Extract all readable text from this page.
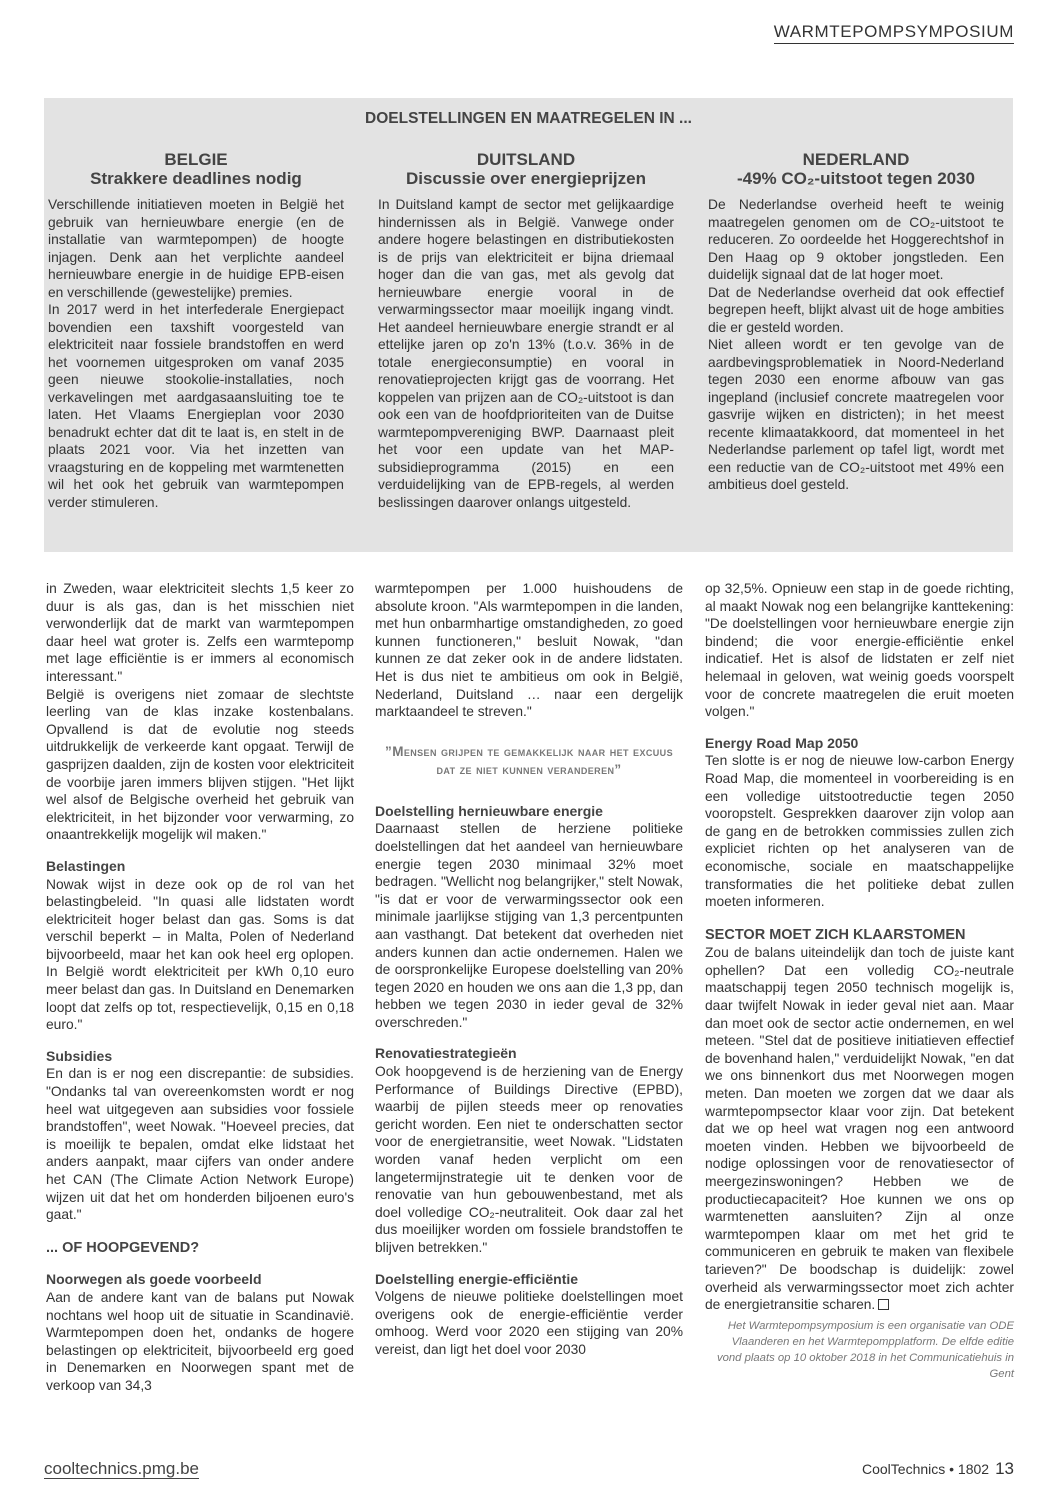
WARMTEPOMPSYMPOSIUM
DOELSTELLINGEN EN MAATREGELEN IN ...
BELGIE
Strakkere deadlines nodig

Verschillende initiatieven moeten in België het gebruik van hernieuwbare energie (en de installatie van warmtepompen) de hoogte injagen. Denk aan het verplichte aandeel hernieuwbare energie in de huidige EPB-eisen en verschillende (gewestelijke) premies.

In 2017 werd in het interfederale Energiepact bovendien een taxshift voorgesteld van elektriciteit naar fossiele brandstoffen en werd het voornemen uitgesproken om vanaf 2035 geen nieuwe stookolie-installaties, noch verkavelingen met aardgasaansluiting toe te laten. Het Vlaams Energieplan voor 2030 benadrukt echter dat dit te laat is, en stelt in de plaats 2021 voor. Via het inzetten van vraagsturing en de koppeling met warmtenetten wil het ook het gebruik van warmtepompen verder stimuleren.

DUITSLAND
Discussie over energieprijzen

In Duitsland kampt de sector met gelijkaardige hindernissen als in België. Vanwege onder andere hogere belastingen en distributiekosten is de prijs van elektriciteit er bijna driemaal hoger dan die van gas, met als gevolg dat hernieuwbare energie vooral in de verwarmingssector maar moeilijk ingang vindt. Het aandeel hernieuwbare energie strandt er al ettelijke jaren op zo'n 13% (t.o.v. 36% in de totale energieconsumptie) en vooral in renovatieprojecten krijgt gas de voorrang. Het koppelen van prijzen aan de CO₂-uitstoot is dan ook een van de hoofdprioriteiten van de Duitse warmtepompvereniging BWP. Daarnaast pleit het voor een update van het MAP-subsidieprogramma (2015) en een verduidelijking van de EPB-regels, al werden beslissingen daarover onlangs uitgesteld.

NEDERLAND
-49% CO₂-uitstoot tegen 2030

De Nederlandse overheid heeft te weinig maatregelen genomen om de CO₂-uitstoot te reduceren. Zo oordeelde het Hoggerechtshof in Den Haag op 9 oktober jongstleden. Een duidelijk signaal dat de lat hoger moet.

Dat de Nederlandse overheid dat ook effectief begrepen heeft, blijkt alvast uit de hoge ambities die er gesteld worden.

Niet alleen wordt er ten gevolge van de aardbevingsproblematiek in Noord-Nederland tegen 2030 een enorme afbouw van gas ingepland (inclusief concrete maatregelen voor gasvrije wijken en districten); in het meest recente klimaatakkoord, dat momenteel in het Nederlandse parlement op tafel ligt, wordt met een reductie van de CO₂-uitstoot met 49% een ambitieus doel gesteld.

in Zweden, waar elektriciteit slechts 1,5 keer zo duur is als gas, dan is het misschien niet verwonderlijk dat de markt van warmtepompen daar heel wat groter is. Zelfs een warmtepomp met lage efficiëntie is er immers al economisch interessant."

België is overigens niet zomaar de slechtste leerling van de klas inzake kostenbalans. Opvallend is dat de evolutie nog steeds uitdrukkelijk de verkeerde kant opgaat. Terwijl de gasprijzen daalden, zijn de kosten voor elektriciteit de voorbije jaren immers blijven stijgen. "Het lijkt wel alsof de Belgische overheid het gebruik van elektriciteit, in het bijzonder voor verwarming, zo onaantrekkelijk mogelijk wil maken."

Belastingen

Nowak wijst in deze ook op de rol van het belastingbeleid. "In quasi alle lidstaten wordt elektriciteit hoger belast dan gas. Soms is dat verschil beperkt – in Malta, Polen of Nederland bijvoorbeeld, maar het kan ook heel erg oplopen. In België wordt elektriciteit per kWh 0,10 euro meer belast dan gas. In Duitsland en Denemarken loopt dat zelfs op tot, respectievelijk, 0,15 en 0,18 euro."

Subsidies

En dan is er nog een discrepantie: de subsidies. "Ondanks tal van overeenkomsten wordt er nog heel wat uitgegeven aan subsidies voor fossiele brandstoffen", weet Nowak. "Hoeveel precies, dat is moeilijk te bepalen, omdat elke lidstaat het anders aanpakt, maar cijfers van onder andere het CAN (The Climate Action Network Europe) wijzen uit dat het om honderden biljoenen euro's gaat."

... OF HOOPGEVEND?
Noorwegen als goede voorbeeld

Aan de andere kant van de balans put Nowak nochtans wel hoop uit de situatie in Scandinavië. Warmtepompen doen het, ondanks de hogere belastingen op elektriciteit, bijvoorbeeld erg goed in Denemarken en Noorwegen spant met de verkoop van 34,3

warmtepompen per 1.000 huishoudens de absolute kroon. "Als warmtepompen in die landen, met hun onbarmhartige omstandigheden, zo goed kunnen functioneren," besluit Nowak, "dan kunnen ze dat zeker ook in de andere lidstaten. Het is dus niet te ambitieus om ook in België, Nederland, Duitsland … naar een dergelijk marktaandeel te streven."

”Mensen grijpen te gemakkelijk naar het excuus dat ze niet kunnen veranderen”
Doelstelling hernieuwbare energie

Daarnaast stellen de herziene politieke doelstellingen dat het aandeel van hernieuwbare energie tegen 2030 minimaal 32% moet bedragen. "Wellicht nog belangrijker," stelt Nowak, "is dat er voor de verwarmingssector ook een minimale jaarlijkse stijging van 1,3 percentpunten aan vasthangt. Dat betekent dat overheden niet anders kunnen dan actie ondernemen. Halen we de oorspronkelijke Europese doelstelling van 20% tegen 2020 en houden we ons aan die 1,3 pp, dan hebben we tegen 2030 in ieder geval de 32% overschreden."

Renovatiestrategieën

Ook hoopgevend is de herziening van de Energy Performance of Buildings Directive (EPBD), waarbij de pijlen steeds meer op renovaties gericht worden. Een niet te onderschatten sector voor de energietransitie, weet Nowak. "Lidstaten worden vanaf heden verplicht om een langetermijnstrategie uit te denken voor de renovatie van hun gebouwenbestand, met als doel volledige CO₂-neutraliteit. Ook daar zal het dus moeilijker worden om fossiele brandstoffen te blijven betrekken."

Doelstelling energie-efficiëntie

Volgens de nieuwe politieke doelstellingen moet overigens ook de energie-efficiëntie verder omhoog. Werd voor 2020 een stijging van 20% vereist, dan ligt het doel voor 2030

op 32,5%. Opnieuw een stap in de goede richting, al maakt Nowak nog een belangrijke kanttekening: "De doelstellingen voor hernieuwbare energie zijn bindend; die voor energie-efficiëntie enkel indicatief. Het is alsof de lidstaten er zelf niet helemaal in geloven, wat weinig goeds voorspelt voor de concrete maatregelen die eruit moeten volgen."

Energy Road Map 2050

Ten slotte is er nog de nieuwe low-carbon Energy Road Map, die momenteel in voorbereiding is en een volledige uitstootreductie tegen 2050 vooropstelt. Gesprekken daarover zijn volop aan de gang en de betrokken commissies zullen zich expliciet richten op het analyseren van de economische, sociale en maatschappelijke transformaties die het politieke debat zullen moeten informeren.

SECTOR MOET ZICH KLAARSTOMEN

Zou de balans uiteindelijk dan toch de juiste kant ophellen? Dat een volledig CO₂-neutrale maatschappij tegen 2050 technisch mogelijk is, daar twijfelt Nowak in ieder geval niet aan. Maar dan moet ook de sector actie ondernemen, en wel meteen. "Stel dat de positieve initiatieven effectief de bovenhand halen," verduidelijkt Nowak, "en dat we ons binnenkort dus met Noorwegen mogen meten. Dan moeten we zorgen dat we daar als warmtepompsector klaar voor zijn. Dat betekent dat we op heel wat vragen nog een antwoord moeten vinden. Hebben we bijvoorbeeld de nodige oplossingen voor de renovatiesector of meergezinswoningen? Hebben we de productiecapaciteit? Hoe kunnen we ons op warmtenetten aansluiten? Zijn al onze warmtepompen klaar om met het grid te communiceren en gebruik te maken van flexibele tarieven?" De boodschap is duidelijk: zowel overheid als verwarmingssector moet zich achter de energietransitie scharen.

Het Warmtepompsymposium is een organisatie van ODE Vlaanderen en het Warmtepompplatform. De elfde editie vond plaats op 10 oktober 2018 in het Communicatiehuis in Gent
cooltechnics.pmg.be	CoolTechnics • 1802 13
